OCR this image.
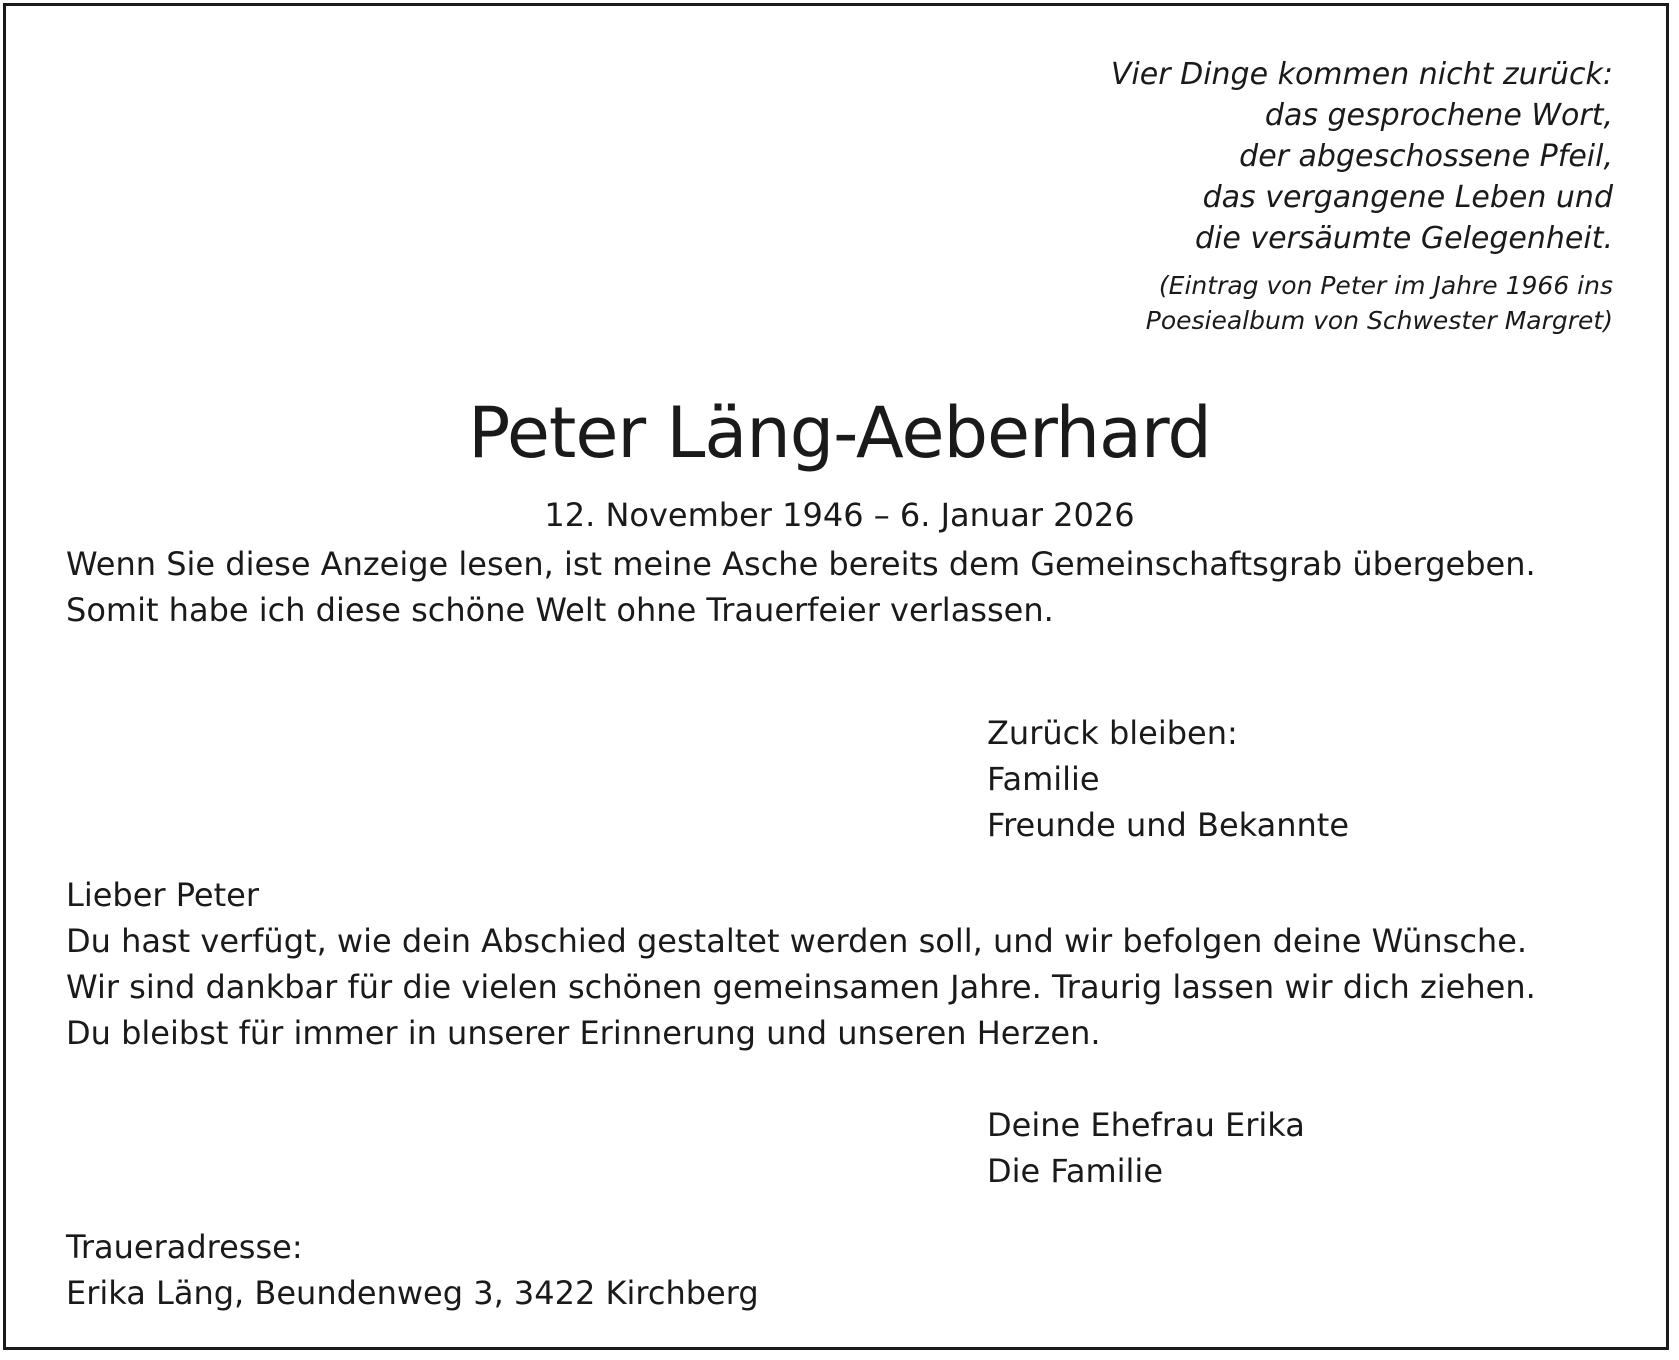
Vier Dinge kommen nicht zurück:
das gesprochene Wort,
der abgeschossene Pfeil,
das vergangene Leben und
die versäumte Gelegenheit.
(Eintrag von Peter im Jahre 1966 ins
Poesiealbum von Schwester Margret)
Peter Läng-Aeberhard
12. November 1946 – 6. Januar 2026
Wenn Sie diese Anzeige lesen, ist meine Asche bereits dem Gemeinschaftsgrab übergeben.
Somit habe ich diese schöne Welt ohne Trauerfeier verlassen.
Zurück bleiben:
Familie
Freunde und Bekannte
Lieber Peter
Du hast verfügt, wie dein Abschied gestaltet werden soll, und wir befolgen deine Wünsche.
Wir sind dankbar für die vielen schönen gemeinsamen Jahre. Traurig lassen wir dich ziehen.
Du bleibst für immer in unserer Erinnerung und unseren Herzen.
Deine Ehefrau Erika
Die Familie
Traueradresse:
Erika Läng, Beundenweg 3, 3422 Kirchberg
